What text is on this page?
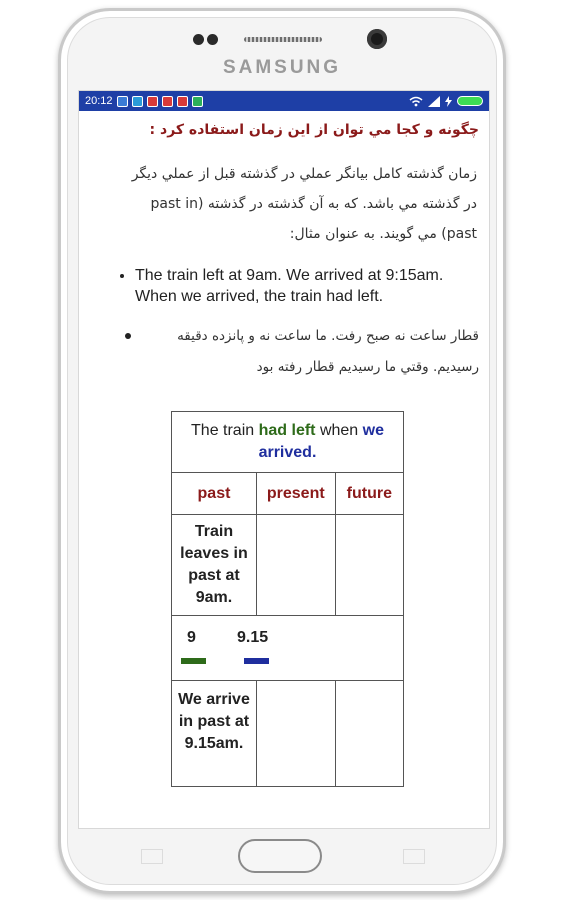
SAMSUNG
20:12
چگونه و کجا مي توان از اين زمان استفاده کرد :
زمان گذشته کامل بيانگر عملي در گذشته قبل از عملي ديگر
در گذشته مي باشد. که به آن گذشته در گذشته (past in
past) مي گويند. به عنوان مثال:
• The train left at 9am. We arrived at 9:15am. When we arrived, the train had left.
قطار ساعت نه صبح رفت. ما ساعت نه و پانزده دقيقه
رسيديم. وقتي ما رسيديم قطار رفته بود
The train had left when we arrived.		
past	present	future
Train leaves in past at 9am.		

9 9.15		

We arrive in past at 9.15am.		
